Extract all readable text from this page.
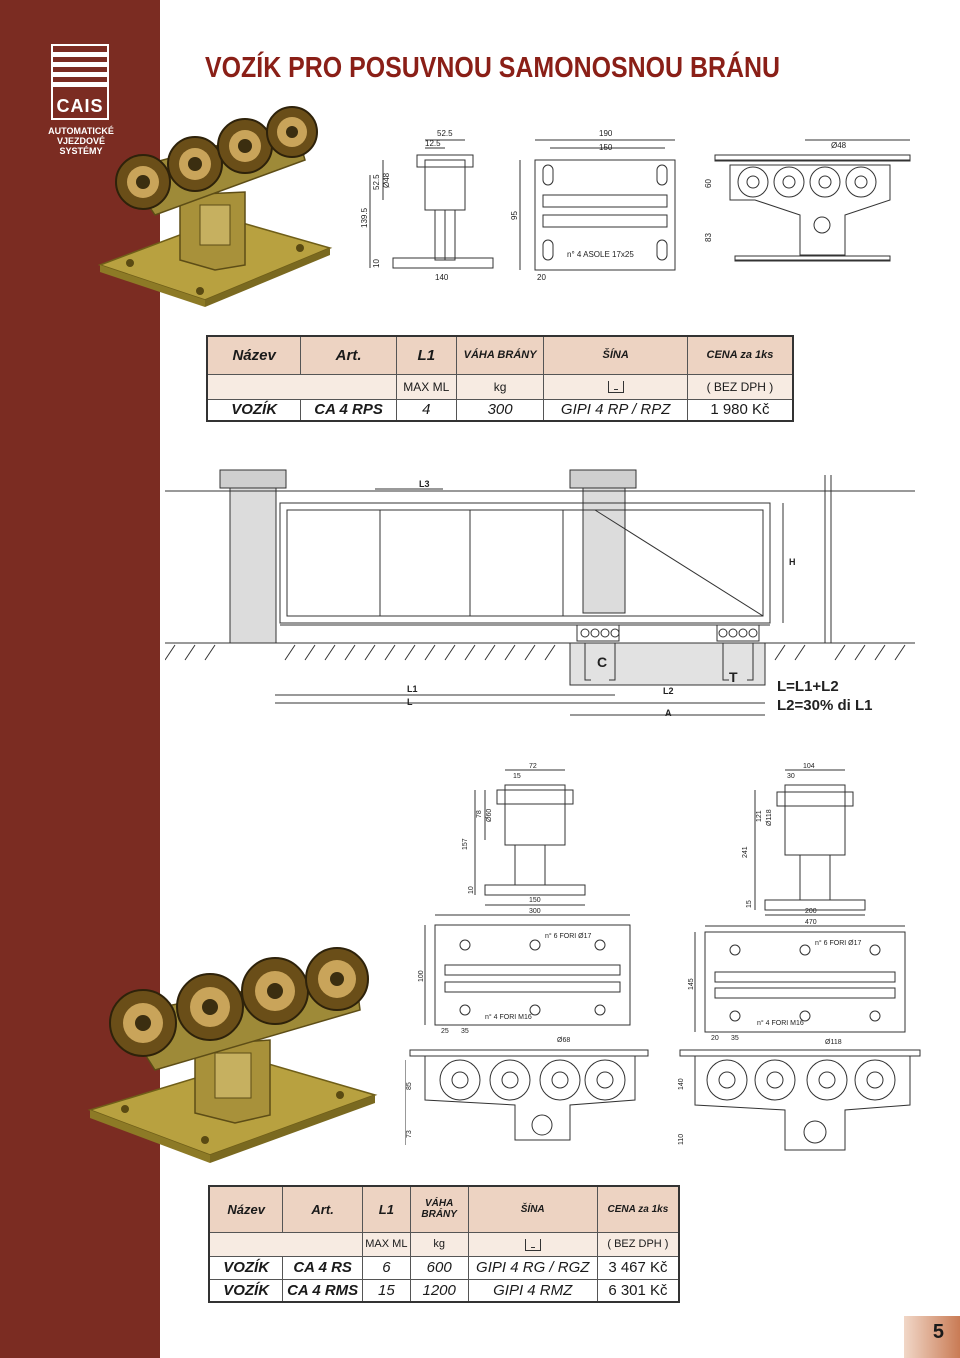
CAIS
AUTOMATICKÉ
VJEZDOVÉ
SYSTÉMY
VOZÍK PRO POSUVNOU SAMONOSNOU BRÁNU
52.5
12.5
52.5 Ø48
139.5
10
140
190
150
95
20
n° 4 ASOLE 17x25
Ø48
60
83
Název	Art.	L1	VÁHA BRÁNY	ŠÍNA	CENA za 1ks
		MAX ML	kg		( BEZ DPH )
VOZÍK	CA 4 RPS	4	300	GIPI 4 RP / RPZ	1 980 Kč
L3
H
C
T
L1
L
L2
A
L=L1+L2
L2=30% di L1
72
15
78 Ø60
157
10
150
300
n° 6 FORI Ø17
100
n° 4 FORI M16
25 35
Ø68
85
73
104
30
121 Ø118
241
15
200
470
n° 6 FORI Ø17
145
n° 4 FORI M16
20 35
Ø118
140
110
Název	Art.	L1	VÁHA BRÁNY	ŠÍNA	CENA za 1ks
		MAX ML	kg		( BEZ DPH )
VOZÍK	CA 4 RS	6	600	GIPI 4 RG / RGZ	3 467 Kč
VOZÍK	CA 4 RMS	15	1200	GIPI 4 RMZ	6 301 Kč
5
